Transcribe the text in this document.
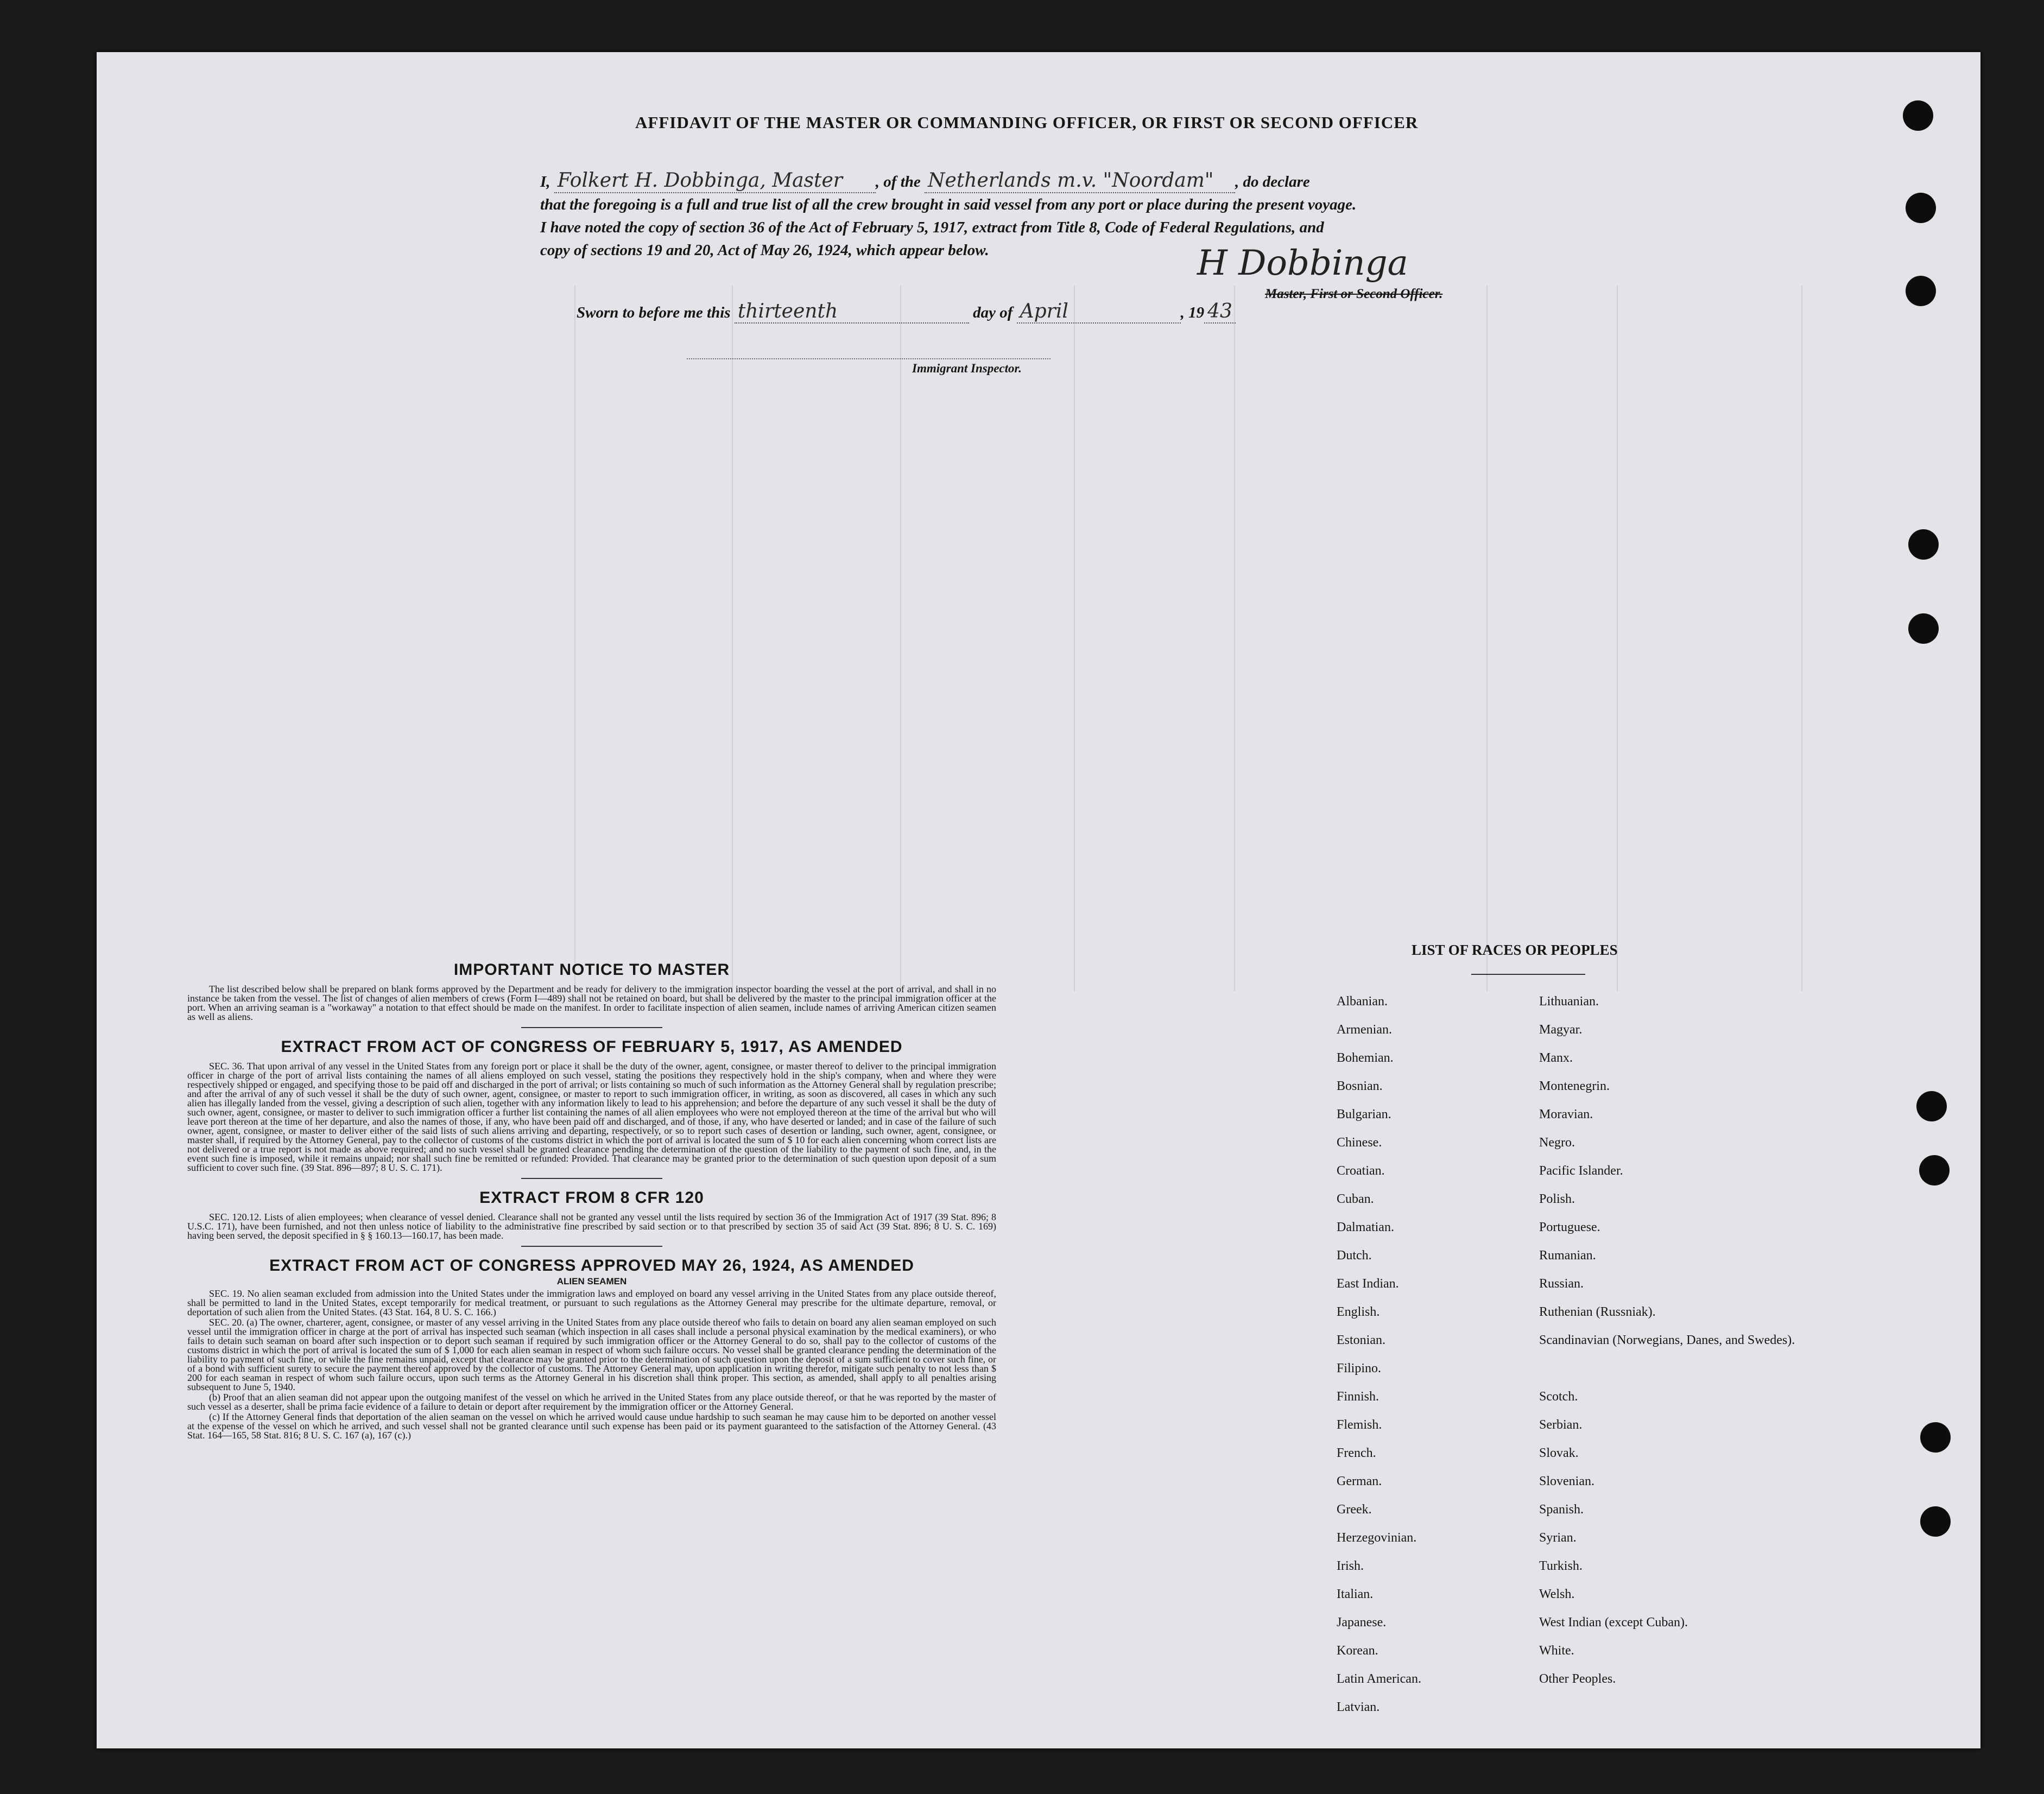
AFFIDAVIT OF THE MASTER OR COMMANDING OFFICER, OR FIRST OR SECOND OFFICER
I, Folkert H. Dobbinga, Master , of the Netherlands m.v. "Noordam" , do declare
that the foregoing is a full and true list of all the crew brought in said vessel from any port or place during the present voyage.
I have noted the copy of section 36 of the Act of February 5, 1917, extract from Title 8, Code of Federal Regulations, and
copy of sections 19 and 20, Act of May 26, 1924, which appear below.	H Dobbinga
Master, First or Second Officer.
Sworn to before me this thirteenth	day of April	, 19 43
Immigrant Inspector.
IMPORTANT NOTICE TO MASTER

The list described below shall be prepared on blank forms approved by the Department and be ready for delivery to the immigration inspector boarding the vessel at the port of arrival, and shall in no instance be taken from the vessel. The list of changes of alien members of crews (Form I—489) shall not be retained on board, but shall be delivered by the master to the principal immigration officer at the port. When an arriving seaman is a "workaway" a notation to that effect should be made on the manifest. In order to facilitate inspection of alien seamen, include names of arriving American citizen seamen as well as aliens.

EXTRACT FROM ACT OF CONGRESS OF FEBRUARY 5, 1917, AS AMENDED

SEC. 36. That upon arrival of any vessel in the United States from any foreign port or place it shall be the duty of the owner, agent, consignee, or master thereof to deliver to the principal immigration officer in charge of the port of arrival lists containing the names of all aliens employed on such vessel, stating the positions they respectively hold in the ship's company, when and where they were respectively shipped or engaged, and specifying those to be paid off and discharged in the port of arrival; or lists containing so much of such information as the Attorney General shall by regulation prescribe; and after the arrival of any of such vessel it shall be the duty of such owner, agent, consignee, or master to report to such immigration officer, in writing, as soon as discovered, all cases in which any such alien has illegally landed from the vessel, giving a description of such alien, together with any information likely to lead to his apprehension; and before the departure of any such vessel it shall be the duty of such owner, agent, consignee, or master to deliver to such immigration officer a further list containing the names of all alien employees who were not employed thereon at the time of the arrival but who will leave port thereon at the time of her departure, and also the names of those, if any, who have been paid off and discharged, and of those, if any, who have deserted or landed; and in case of the failure of such owner, agent, consignee, or master to deliver either of the said lists of such aliens arriving and departing, respectively, or so to report such cases of desertion or landing, such owner, agent, consignee, or master shall, if required by the Attorney General, pay to the collector of customs of the customs district in which the port of arrival is located the sum of $ 10 for each alien concerning whom correct lists are not delivered or a true report is not made as above required; and no such vessel shall be granted clearance pending the determination of the question of the liability to the payment of such fine, and, in the event such fine is imposed, while it remains unpaid; nor shall such fine be remitted or refunded: Provided. That clearance may be granted prior to the determination of such question upon deposit of a sum sufficient to cover such fine. (39 Stat. 896—897; 8 U. S. C. 171).

EXTRACT FROM 8 CFR 120

SEC. 120.12. Lists of alien employees; when clearance of vessel denied. Clearance shall not be granted any vessel until the lists required by section 36 of the Immigration Act of 1917 (39 Stat. 896; 8 U.S.C. 171), have been furnished, and not then unless notice of liability to the administrative fine prescribed by said section or to that prescribed by section 35 of said Act (39 Stat. 896; 8 U. S. C. 169) having been served, the deposit specified in § § 160.13—160.17, has been made.

EXTRACT FROM ACT OF CONGRESS APPROVED MAY 26, 1924, AS AMENDED
ALIEN SEAMEN

SEC. 19. No alien seaman excluded from admission into the United States under the immigration laws and employed on board any vessel arriving in the United States from any place outside thereof, shall be permitted to land in the United States, except temporarily for medical treatment, or pursuant to such regulations as the Attorney General may prescribe for the ultimate departure, removal, or deportation of such alien from the United States. (43 Stat. 164, 8 U. S. C. 166.)

SEC. 20. (a) The owner, charterer, agent, consignee, or master of any vessel arriving in the United States from any place outside thereof who fails to detain on board any alien seaman employed on such vessel until the immigration officer in charge at the port of arrival has inspected such seaman (which inspection in all cases shall include a personal physical examination by the medical examiners), or who fails to detain such seaman on board after such inspection or to deport such seaman if required by such immigration officer or the Attorney General to do so, shall pay to the collector of customs of the customs district in which the port of arrival is located the sum of $ 1,000 for each alien seaman in respect of whom such failure occurs. No vessel shall be granted clearance pending the determination of the liability to payment of such fine, or while the fine remains unpaid, except that clearance may be granted prior to the determination of such question upon the deposit of a sum sufficient to cover such fine, or of a bond with sufficient surety to secure the payment thereof approved by the collector of customs. The Attorney General may, upon application in writing therefor, mitigate such penalty to not less than $ 200 for each seaman in respect of whom such failure occurs, upon such terms as the Attorney General in his discretion shall think proper. This section, as amended, shall apply to all penalties arising subsequent to June 5, 1940.

(b) Proof that an alien seaman did not appear upon the outgoing manifest of the vessel on which he arrived in the United States from any place outside thereof, or that he was reported by the master of such vessel as a deserter, shall be prima facie evidence of a failure to detain or deport after requirement by the immigration officer or the Attorney General.

(c) If the Attorney General finds that deportation of the alien seaman on the vessel on which he arrived would cause undue hardship to such seaman he may cause him to be deported on another vessel at the expense of the vessel on which he arrived, and such vessel shall not be granted clearance until such expense has been paid or its payment guaranteed to the satisfaction of the Attorney General. (43 Stat. 164—165, 58 Stat. 816; 8 U. S. C. 167 (a), 167 (c).)

LIST OF RACES OR PEOPLES
Albanian.
Armenian.
Bohemian.
Bosnian.
Bulgarian.
Chinese.
Croatian.
Cuban.
Dalmatian.
Dutch.
East Indian.
English.
Estonian.
Filipino.
Finnish.
Flemish.
French.
German.
Greek.
Herzegovinian.
Irish.
Italian.
Japanese.
Korean.
Latin American.
Latvian.
Lithuanian.
Magyar.
Manx.
Montenegrin.
Moravian.
Negro.
Pacific Islander.
Polish.
Portuguese.
Rumanian.
Russian.
Ruthenian (Russniak).
Scandinavian (Norwegians, Danes, and Swedes).
Scotch.
Serbian.
Slovak.
Slovenian.
Spanish.
Syrian.
Turkish.
Welsh.
West Indian (except Cuban).
White.
Other Peoples.
